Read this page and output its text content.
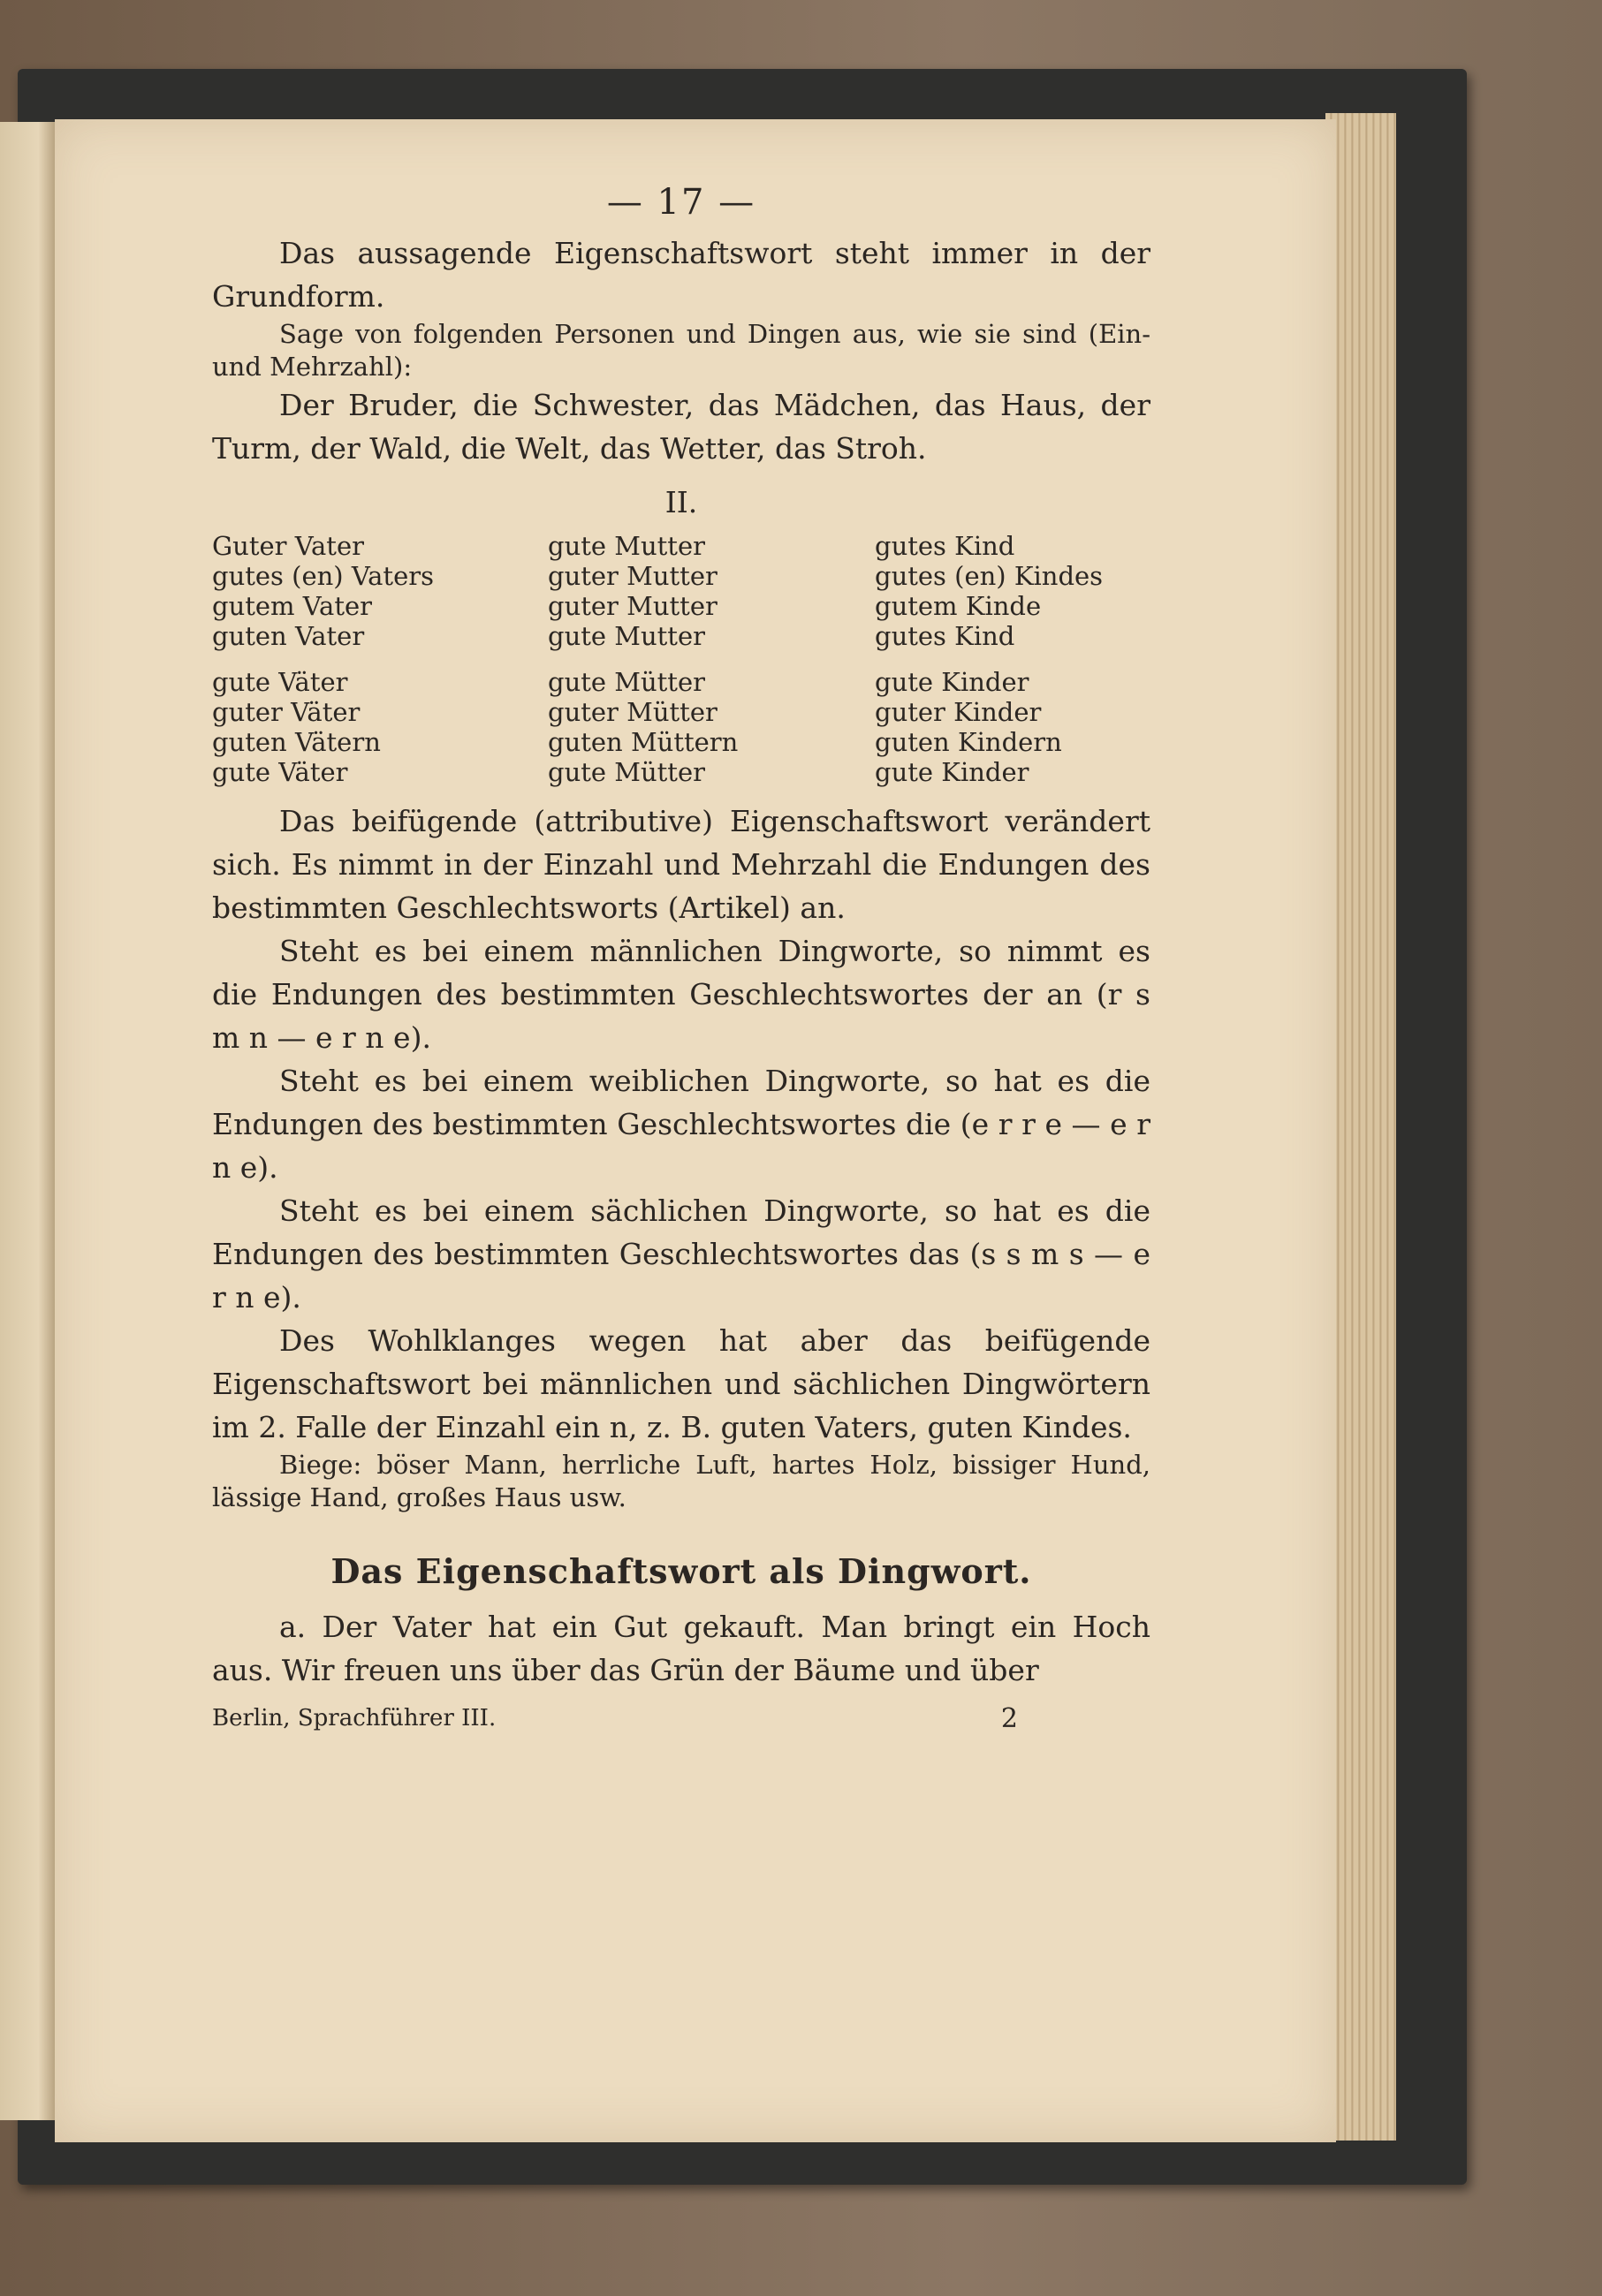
— 17 —

Das aussagende Eigenschaftswort steht immer in der Grundform.

Sage von folgenden Personen und Dingen aus, wie sie sind (Ein- und Mehrzahl):

Der Bruder, die Schwester, das Mädchen, das Haus, der Turm, der Wald, die Welt, das Wetter, das Stroh.

II.
Guter Vater
gutes (en) Vaters
gutem Vater
guten Vater
gute Väter
guter Väter
guten Vätern
gute Väter
gute Mutter
guter Mutter
guter Mutter
gute Mutter
gute Mütter
guter Mütter
guten Müttern
gute Mütter
gutes Kind
gutes (en) Kindes
gutem Kinde
gutes Kind
gute Kinder
guter Kinder
guten Kindern
gute Kinder

Das beifügende (attributive) Eigenschaftswort verändert sich. Es nimmt in der Einzahl und Mehrzahl die Endungen des bestimmten Geschlechtsworts (Artikel) an.

Steht es bei einem männlichen Dingworte, so nimmt es die Endungen des bestimmten Geschlechtswortes der an (r s m n — e r n e).

Steht es bei einem weiblichen Dingworte, so hat es die Endungen des bestimmten Geschlechtswortes die (e r r e — e r n e).

Steht es bei einem sächlichen Dingworte, so hat es die Endungen des bestimmten Geschlechtswortes das (s s m s — e r n e).

Des Wohlklanges wegen hat aber das beifügende Eigenschaftswort bei männlichen und sächlichen Dingwörtern im 2. Falle der Einzahl ein n, z. B. guten Vaters, guten Kindes.

Biege: böser Mann, herrliche Luft, hartes Holz, bissiger Hund, lässige Hand, großes Haus usw.

Das Eigenschaftswort als Dingwort.

a. Der Vater hat ein Gut gekauft. Man bringt ein Hoch aus. Wir freuen uns über das Grün der Bäume und über

Berlin, Sprachführer III.	2
